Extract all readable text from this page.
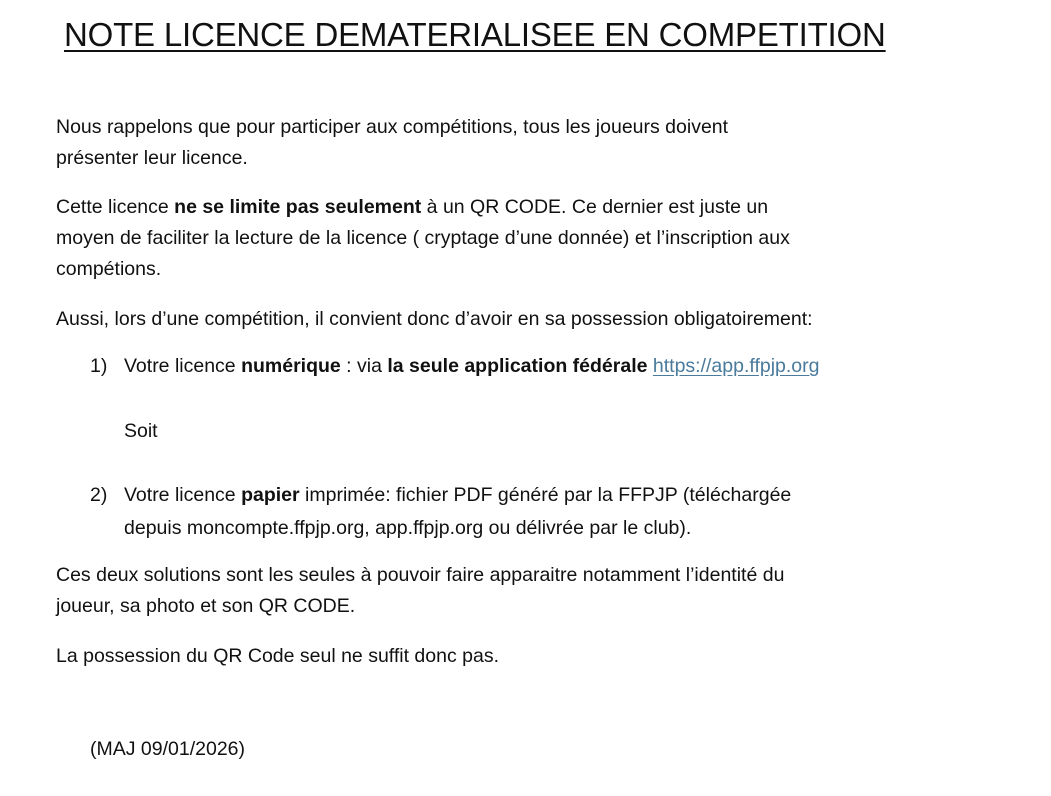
NOTE LICENCE DEMATERIALISEE EN COMPETITION
Nous rappelons que pour participer aux compétitions, tous les joueurs doivent
présenter leur licence.
Cette licence ne se limite pas seulement à un QR CODE. Ce dernier est juste un
moyen de faciliter la lecture de la licence ( cryptage d’une donnée) et l’inscription aux
compétions.
Aussi, lors d’une compétition, il convient donc d’avoir en sa possession obligatoirement:
1) Votre licence numérique : via la seule application fédérale https://app.ffpjp.org
Soit
2) Votre licence papier imprimée: fichier PDF généré par la FFPJP (téléchargée
depuis moncompte.ffpjp.org, app.ffpjp.org ou délivrée par le club).
Ces deux solutions sont les seules à pouvoir faire apparaitre notamment l’identité du
joueur, sa photo et son QR CODE.
La possession du QR Code seul ne suffit donc pas.
(MAJ 09/01/2026)
